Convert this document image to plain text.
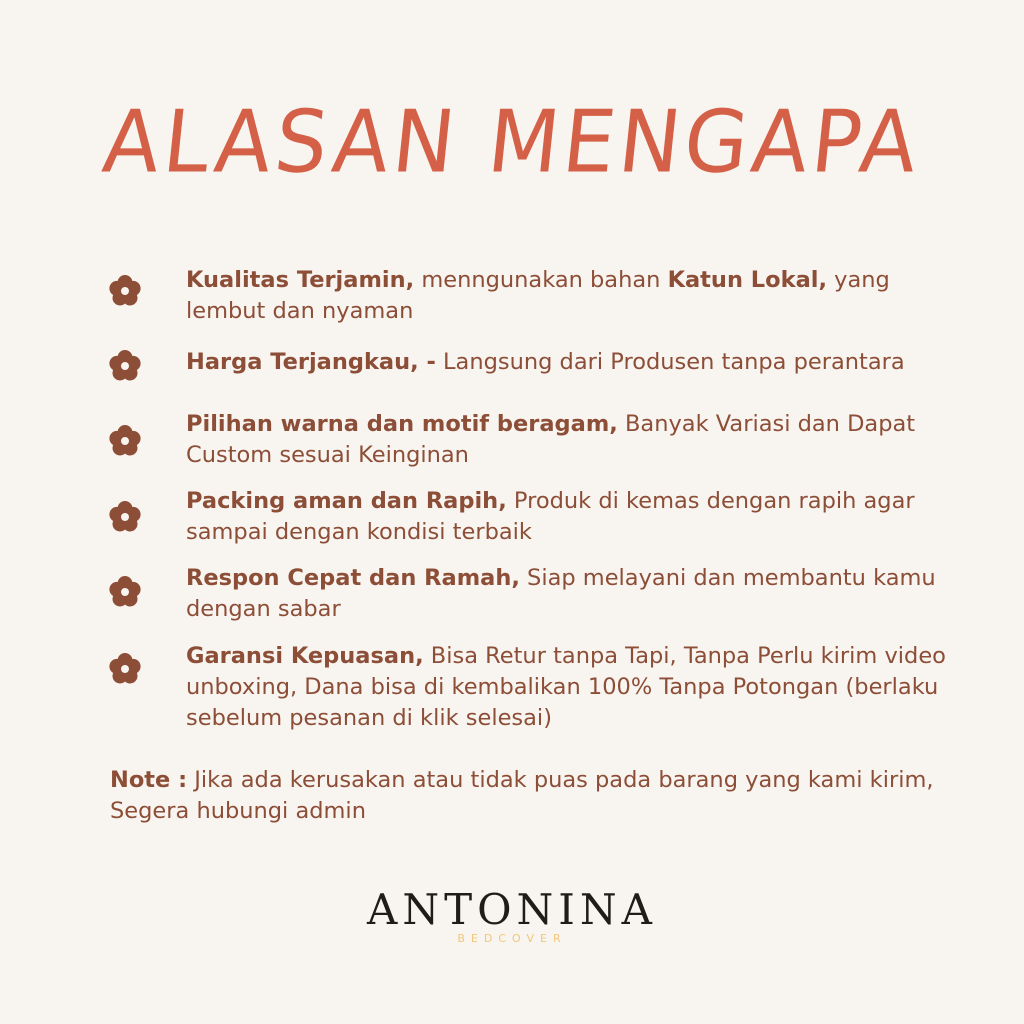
ALASAN MENGAPA

Kualitas Terjamin, menngunakan bahan Katun Lokal, yang lembut dan nyaman

Harga Terjangkau, - Langsung dari Produsen tanpa perantara

Pilihan warna dan motif beragam, Banyak Variasi dan Dapat Custom sesuai Keinginan

Packing aman dan Rapih, Produk di kemas dengan rapih agar sampai dengan kondisi terbaik

Respon Cepat dan Ramah, Siap melayani dan membantu kamu dengan sabar

Garansi Kepuasan, Bisa Retur tanpa Tapi, Tanpa Perlu kirim video unboxing, Dana bisa di kembalikan 100% Tanpa Potongan (berlaku sebelum pesanan di klik selesai)

Note : Jika ada kerusakan atau tidak puas pada barang yang kami kirim, Segera hubungi admin

ANTONINA
BEDCOVER
